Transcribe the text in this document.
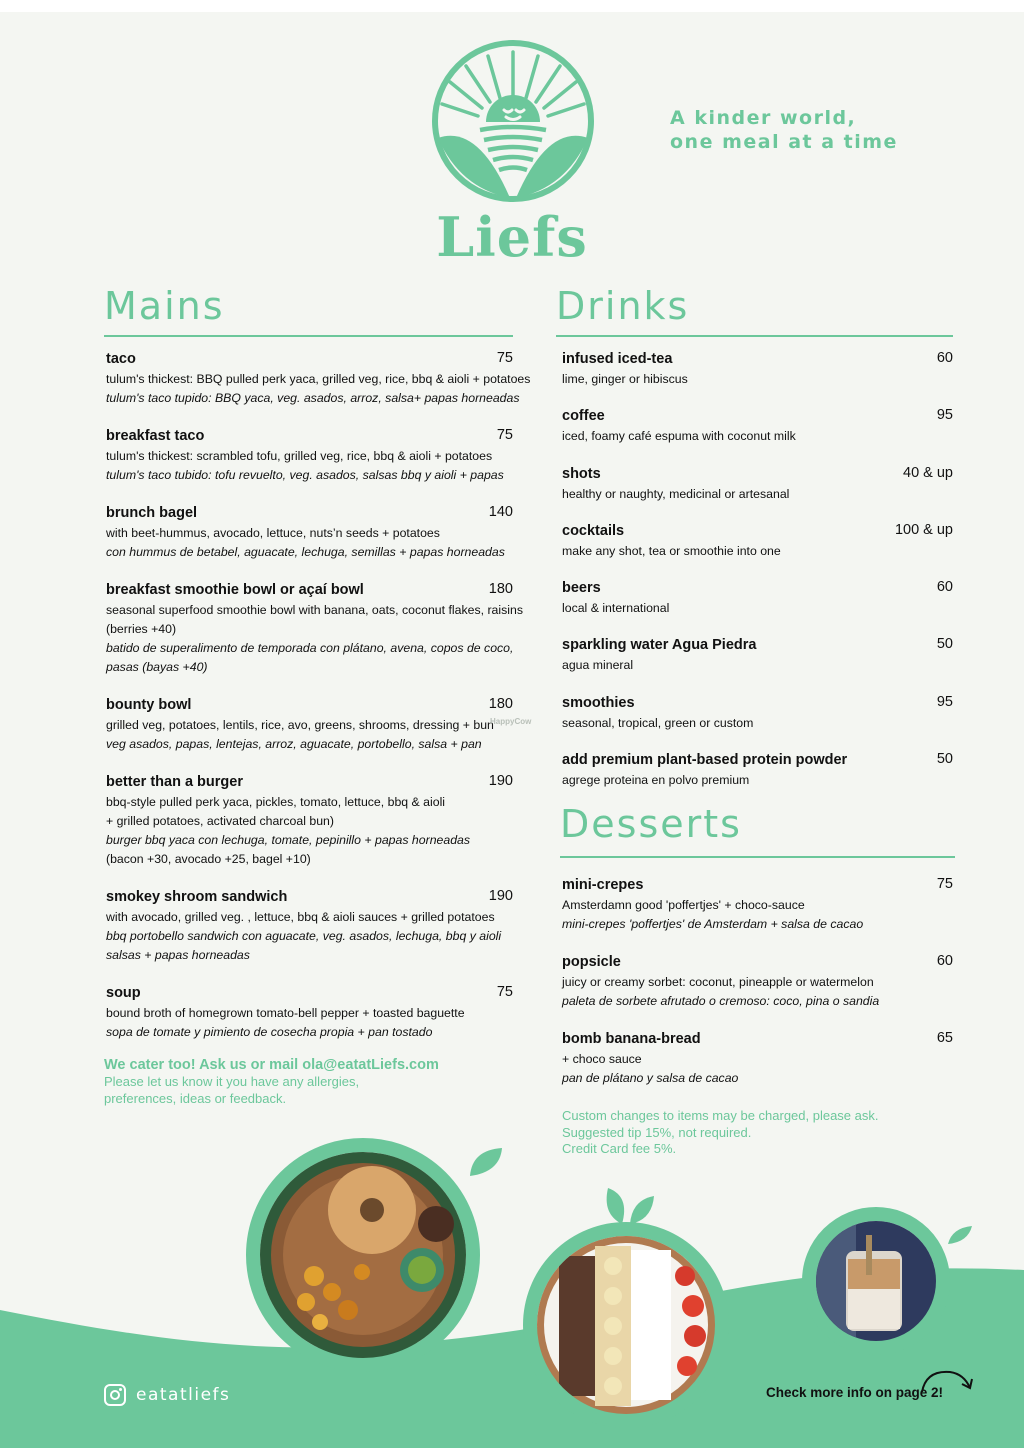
Liefs
A kinder world,
one meal at a time
Mains	Drinks
Desserts
taco	75
tulum's thickest: BBQ pulled perk yaca, grilled veg, rice, bbq & aioli + potatoes
tulum's taco tupido: BBQ yaca, veg. asados, arroz, salsa+ papas horneadas
breakfast taco	75
tulum's thickest: scrambled tofu, grilled veg, rice, bbq & aioli + potatoes
tulum's taco tubido: tofu revuelto, veg. asados, salsas bbq y aioli + papas
brunch bagel	140
with beet-hummus, avocado, lettuce, nuts’n seeds + potatoes
con hummus de betabel, aguacate, lechuga, semillas + papas horneadas
breakfast smoothie bowl or açaí bowl	180
seasonal superfood smoothie bowl with banana, oats, coconut flakes, raisins
(berries +40)
batido de superalimento de temporada con plátano, avena, copos de coco,
pasas (bayas +40)
bounty bowl	180
grilled veg, potatoes, lentils, rice, avo, greens, shrooms, dressing + bun
veg asados, papas, lentejas, arroz, aguacate, portobello, salsa + pan
better than a burger	190
bbq-style pulled perk yaca, pickles, tomato, lettuce, bbq & aioli
+ grilled potatoes, activated charcoal bun)
burger bbq yaca con lechuga, tomate, pepinillo + papas horneadas
(bacon +30, avocado +25, bagel +10)
smokey shroom sandwich	190
with avocado, grilled veg. , lettuce, bbq & aioli sauces + grilled potatoes
bbq portobello sandwich con aguacate, veg. asados, lechuga, bbq y aioli
salsas + papas horneadas
soup	75
bound broth of homegrown tomato-bell pepper + toasted baguette
sopa de tomate y pimiento de cosecha propia + pan tostado
HappyCow
infused iced-tea	60
lime, ginger or hibiscus
coffee	95
iced, foamy café espuma with coconut milk
shots	40 & up
healthy or naughty, medicinal or artesanal
cocktails	100 & up
make any shot, tea or smoothie into one
beers	60
local & international
sparkling water Agua Piedra	50
agua mineral
smoothies	95
seasonal, tropical, green or custom
add premium plant-based protein powder	50
agrege proteina en polvo premium
mini-crepes	75
Amsterdamn good 'poffertjes' + choco-sauce
mini-crepes 'poffertjes' de Amsterdam + salsa de cacao
popsicle	60
juicy or creamy sorbet: coconut, pineapple or watermelon
paleta de sorbete afrutado o cremoso: coco, pina o sandia
bomb banana-bread	65
+ choco sauce
pan de plátano y salsa de cacao
We cater too! Ask us or mail ola@eatatLiefs.com
Please let us know it you have any allergies,
preferences, ideas or feedback.
Custom changes to items may be charged, please ask.
Suggested tip 15%, not required.
Credit Card fee 5%.
eatatliefs	Check more info on page 2!
